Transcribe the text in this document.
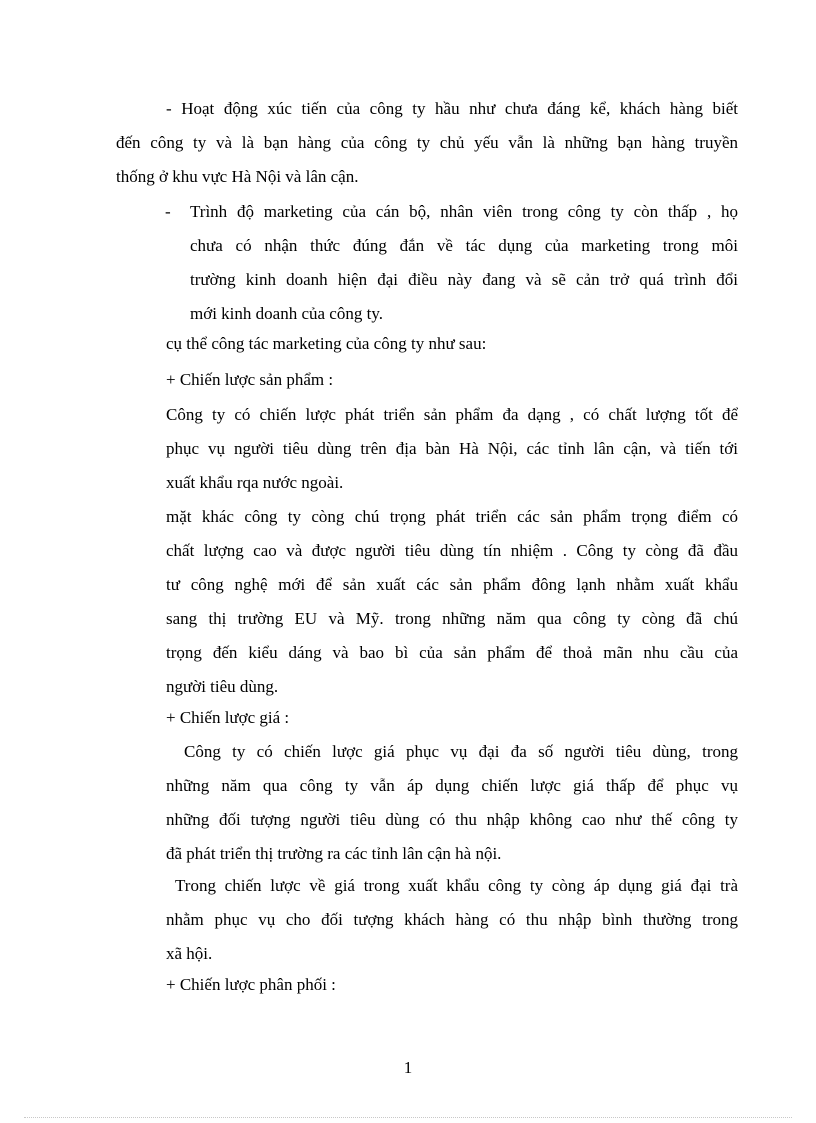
- Hoạt động xúc tiến của công ty hầu như chưa đáng kể, khách hàng biết
đến công ty và là bạn hàng của công ty chủ yếu vẫn là những bạn hàng truyền
thống ở khu vực Hà Nội và lân cận.
- Trình độ marketing của cán bộ, nhân viên trong công ty còn thấp , họ
chưa có nhận thức đúng đắn về tác dụng của marketing trong môi
trường kinh doanh hiện đại điều này đang và sẽ cản trở quá trình đổi
mới kinh doanh của công ty.
cụ thể công tác marketing của công ty như sau:
+ Chiến lược sản phẩm :
Công ty có chiến lược phát triển sản phẩm đa dạng , có chất lượng tốt để
phục vụ người tiêu dùng trên địa bàn Hà Nội, các tỉnh lân cận, và tiến tới
xuất khẩu rqa nước ngoài.
mặt khác công ty còng chú trọng phát triển các sản phẩm trọng điểm có
chất lượng cao và được người tiêu dùng tín nhiệm . Công ty còng đã đầu
tư công nghệ mới để sản xuất các sản phẩm đông lạnh nhằm xuất khẩu
sang thị trường EU và Mỹ. trong những năm qua công ty còng đã chú
trọng đến kiểu dáng và bao bì của sản phẩm để thoả mãn nhu cầu của
người tiêu dùng.
+ Chiến lược giá :
Công ty có chiến lược giá phục vụ đại đa số người tiêu dùng, trong
những năm qua công ty vẫn áp dụng chiến lược giá thấp để phục vụ
những đối tượng người tiêu dùng có thu nhập không cao như thế công ty
đã phát triển thị trường ra các tỉnh lân cận hà nội.
Trong chiến lược về giá trong xuất khẩu công ty còng áp dụng giá đại trà
nhằm phục vụ cho đối tượng khách hàng có thu nhập bình thường trong
xã hội.
+ Chiến lược phân phối :
1
